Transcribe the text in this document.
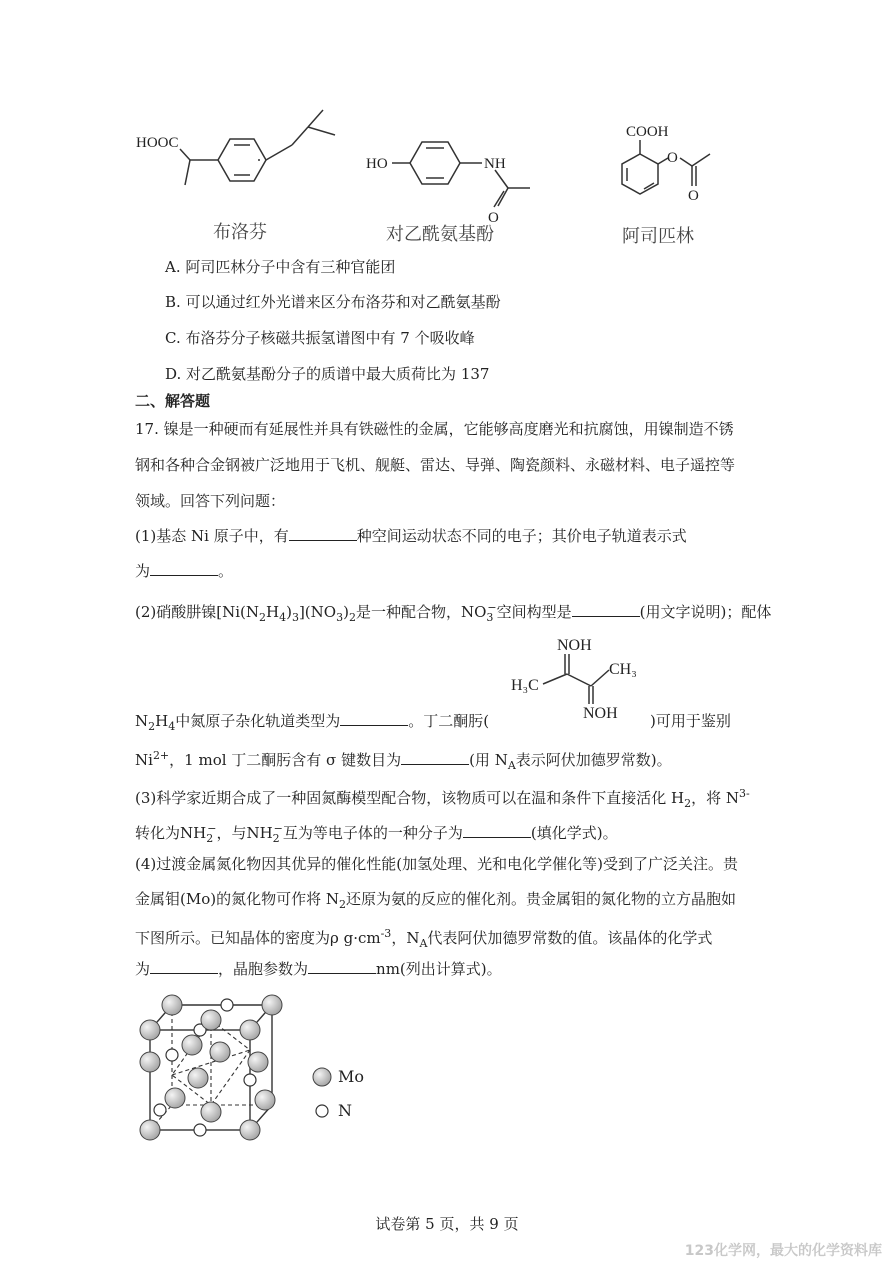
HOOC
布洛芬
HO	NH
O
对乙酰氨基酚
COOH
O
O
阿司匹林
A. 阿司匹林分子中含有三种官能团
B. 可以通过红外光谱来区分布洛芬和对乙酰氨基酚
C. 布洛芬分子核磁共振氢谱图中有 7 个吸收峰
D. 对乙酰氨基酚分子的质谱中最大质荷比为 137
二、解答题
17. 镍是一种硬而有延展性并具有铁磁性的金属，它能够高度磨光和抗腐蚀，用镍制造不锈
钢和各种合金钢被广泛地用于飞机、舰艇、雷达、导弹、陶瓷颜料、永磁材料、电子遥控等
领域。回答下列问题：
(1)基态 Ni 原子中，有	种空间运动状态不同的电子；其价电子轨道表示式
为	。
(2)硝酸肼镍$[Ni(N_2H_4)_3](NO_3)_2$是一种配合物，$NO_3^-$空间构型是	(用文字说明)；配体
NOH
H₃C
CH₃
NOH
$N_2H_4$中氮原子杂化轨道类型为	。丁二酮肟(	)可用于鉴别
$Ni^{2+}$，1 mol 丁二酮肟含有 σ 键数目为	(用 $N_A$表示阿伏加德罗常数)。
(3)科学家近期合成了一种固氮酶模型配合物，该物质可以在温和条件下直接活化 $H_2$，将 $N^{3-}$
转化为$NH_2^-$，与$NH_2^-$互为等电子体的一种分子为	(填化学式)。
(4)过渡金属氮化物因其优异的催化性能(加氢处理、光和电化学催化等)受到了广泛关注。贵
金属钼(Mo)的氮化物可作将 $N_2$还原为氨的反应的催化剂。贵金属钼的氮化物的立方晶胞如
下图所示。已知晶体的密度为ρ $g\cdot cm^{-3}$，$N_A$代表阿伏加德罗常数的值。该晶体的化学式
为	，晶胞参数为	nm(列出计算式)。
Mo
N
试卷第 5 页，共 9 页
123化学网，最大的化学资料库
